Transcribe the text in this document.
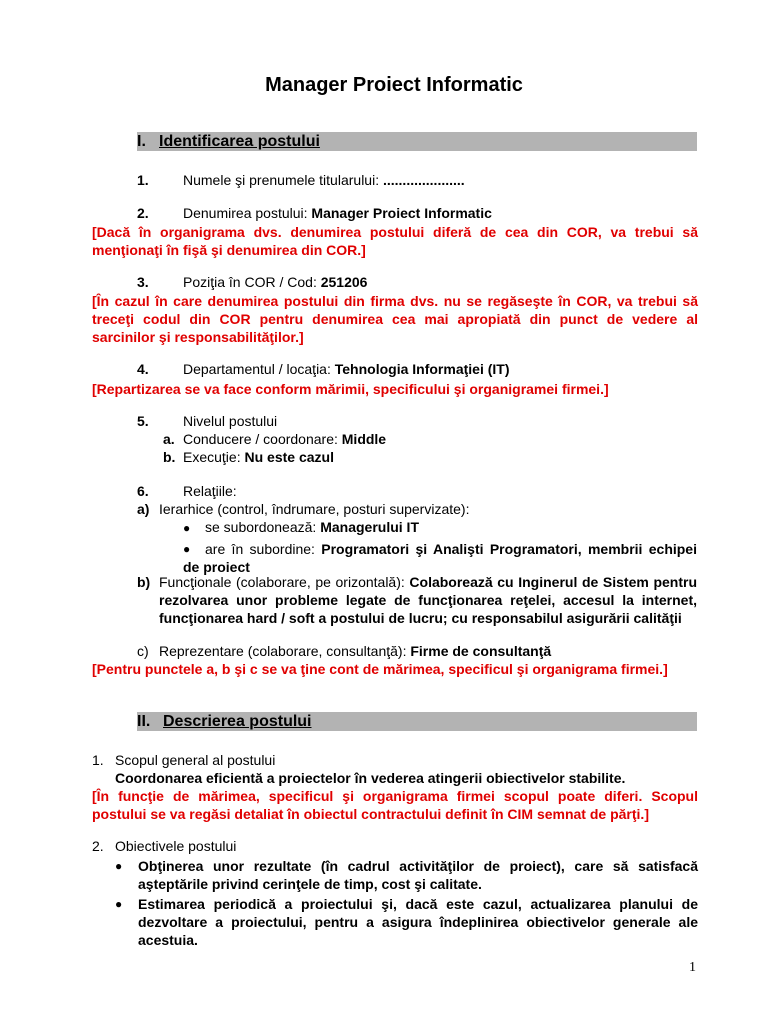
Manager Proiect Informatic
I. Identificarea postului
1. Numele şi prenumele titularului: .....................
2. Denumirea postului: Manager Proiect Informatic
[Dacă în organigrama dvs. denumirea postului diferă de cea din COR, va trebui să menţionaţi în fişă şi denumirea din COR.]
3. Poziţia în COR / Cod: 251206
[În cazul în care denumirea postului din firma dvs. nu se regăseşte în COR, va trebui să treceţi codul din COR pentru denumirea cea mai apropiată din punct de vedere al sarcinilor şi responsabilităţilor.]
4. Departamentul / locaţia: Tehnologia Informaţiei (IT)
[Repartizarea se va face conform mărimii, specificului şi organigramei firmei.]
5. Nivelul postului
a. Conducere / coordonare: Middle
b. Execuţie: Nu este cazul
6. Relaţiile:
a) Ierarhice (control, îndrumare, posturi supervizate):
● se subordonează: Managerului IT
●	are în subordine: Programatori şi Analişti Programatori, membrii echipei de proiect
b) Funcţionale (colaborare, pe orizontală): Colaborează cu Inginerul de Sistem pentru rezolvarea unor probleme legate de funcţionarea reţelei, accesul la internet, funcţionarea hard / soft a postului de lucru; cu responsabilul asigurării calităţii
c) Reprezentare (colaborare, consultanţă): Firme de consultanţă
[Pentru punctele a, b şi c se va ţine cont de mărimea, specificul şi organigrama firmei.]
II. Descrierea postului
1. Scopul general al postului
Coordonarea eficientă a proiectelor în vederea atingerii obiectivelor stabilite.
[În funcţie de mărimea, specificul şi organigrama firmei scopul poate diferi. Scopul postului se va regăsi detaliat în obiectul contractului definit în CIM semnat de părţi.]
2. Obiectivele postului
●	Obţinerea unor rezultate (în cadrul activităţilor de proiect), care să satisfacă aşteptările privind cerinţele de timp, cost şi calitate.
●	Estimarea periodică a proiectului şi, dacă este cazul, actualizarea planului de dezvoltare a proiectului, pentru a asigura îndeplinirea obiectivelor generale ale acestuia.
1
